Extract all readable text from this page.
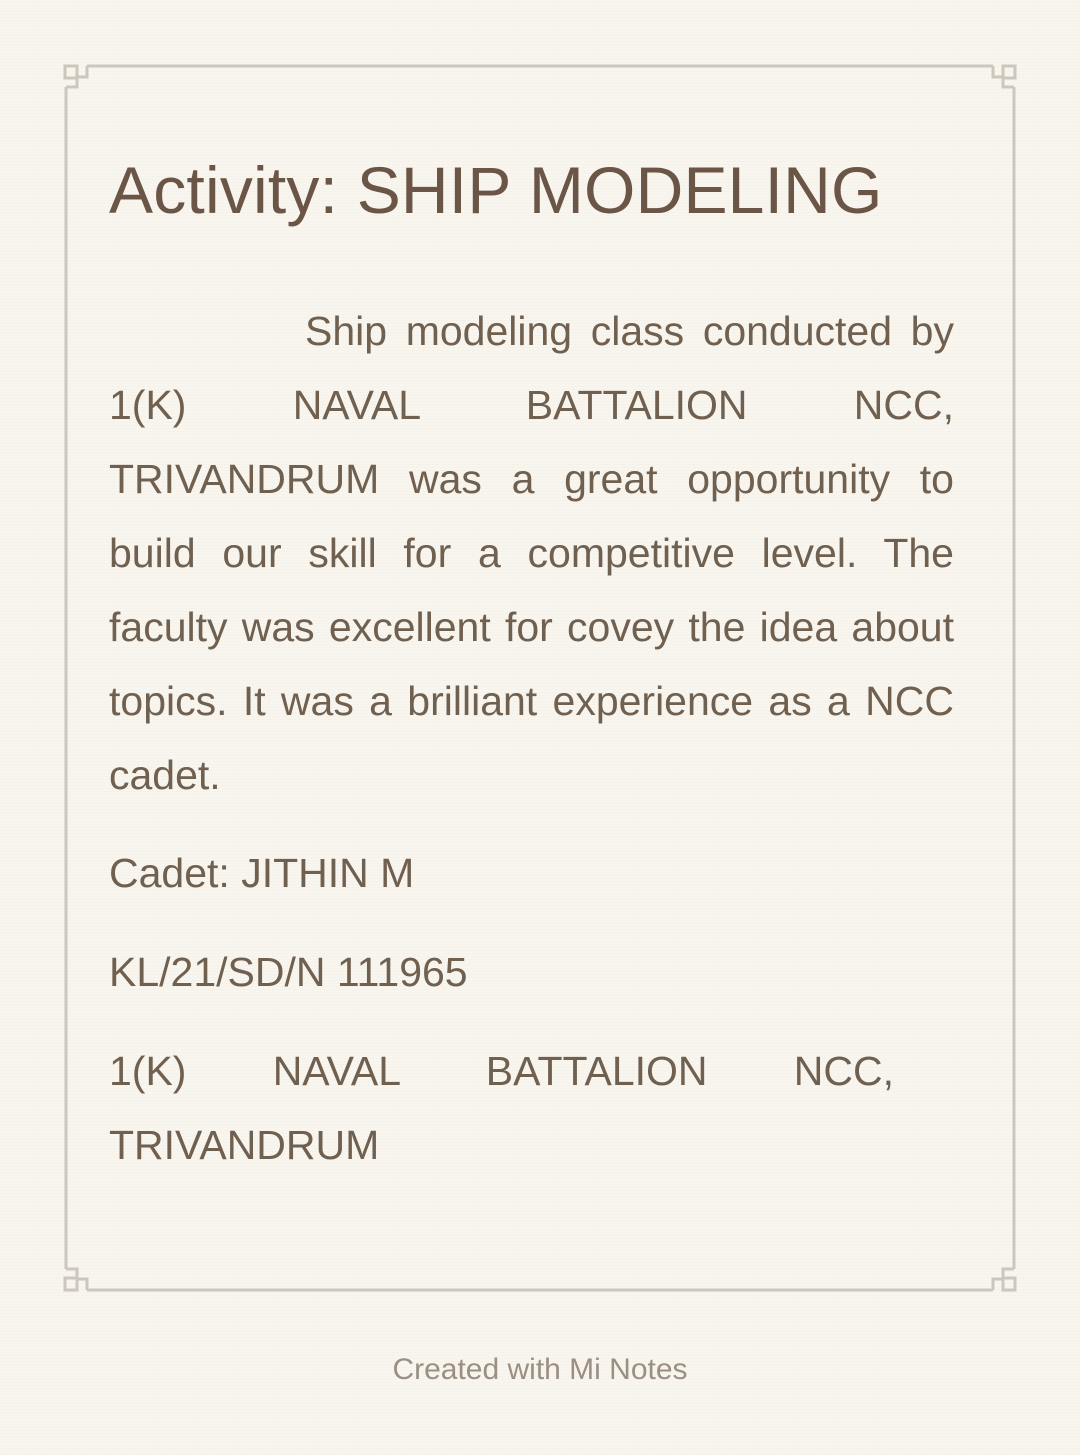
Activity: SHIP MODELING
Ship modeling class conducted by 1(K) NAVAL BATTALION NCC, TRIVANDRUM was a great opportunity to build our skill for a competitive level. The faculty was excellent for covey the idea about topics. It was a brilliant experience as a NCC cadet.
Cadet: JITHIN M
KL/21/SD/N 111965
1(K) NAVAL BATTALION NCC,
TRIVANDRUM
Created with Mi Notes
